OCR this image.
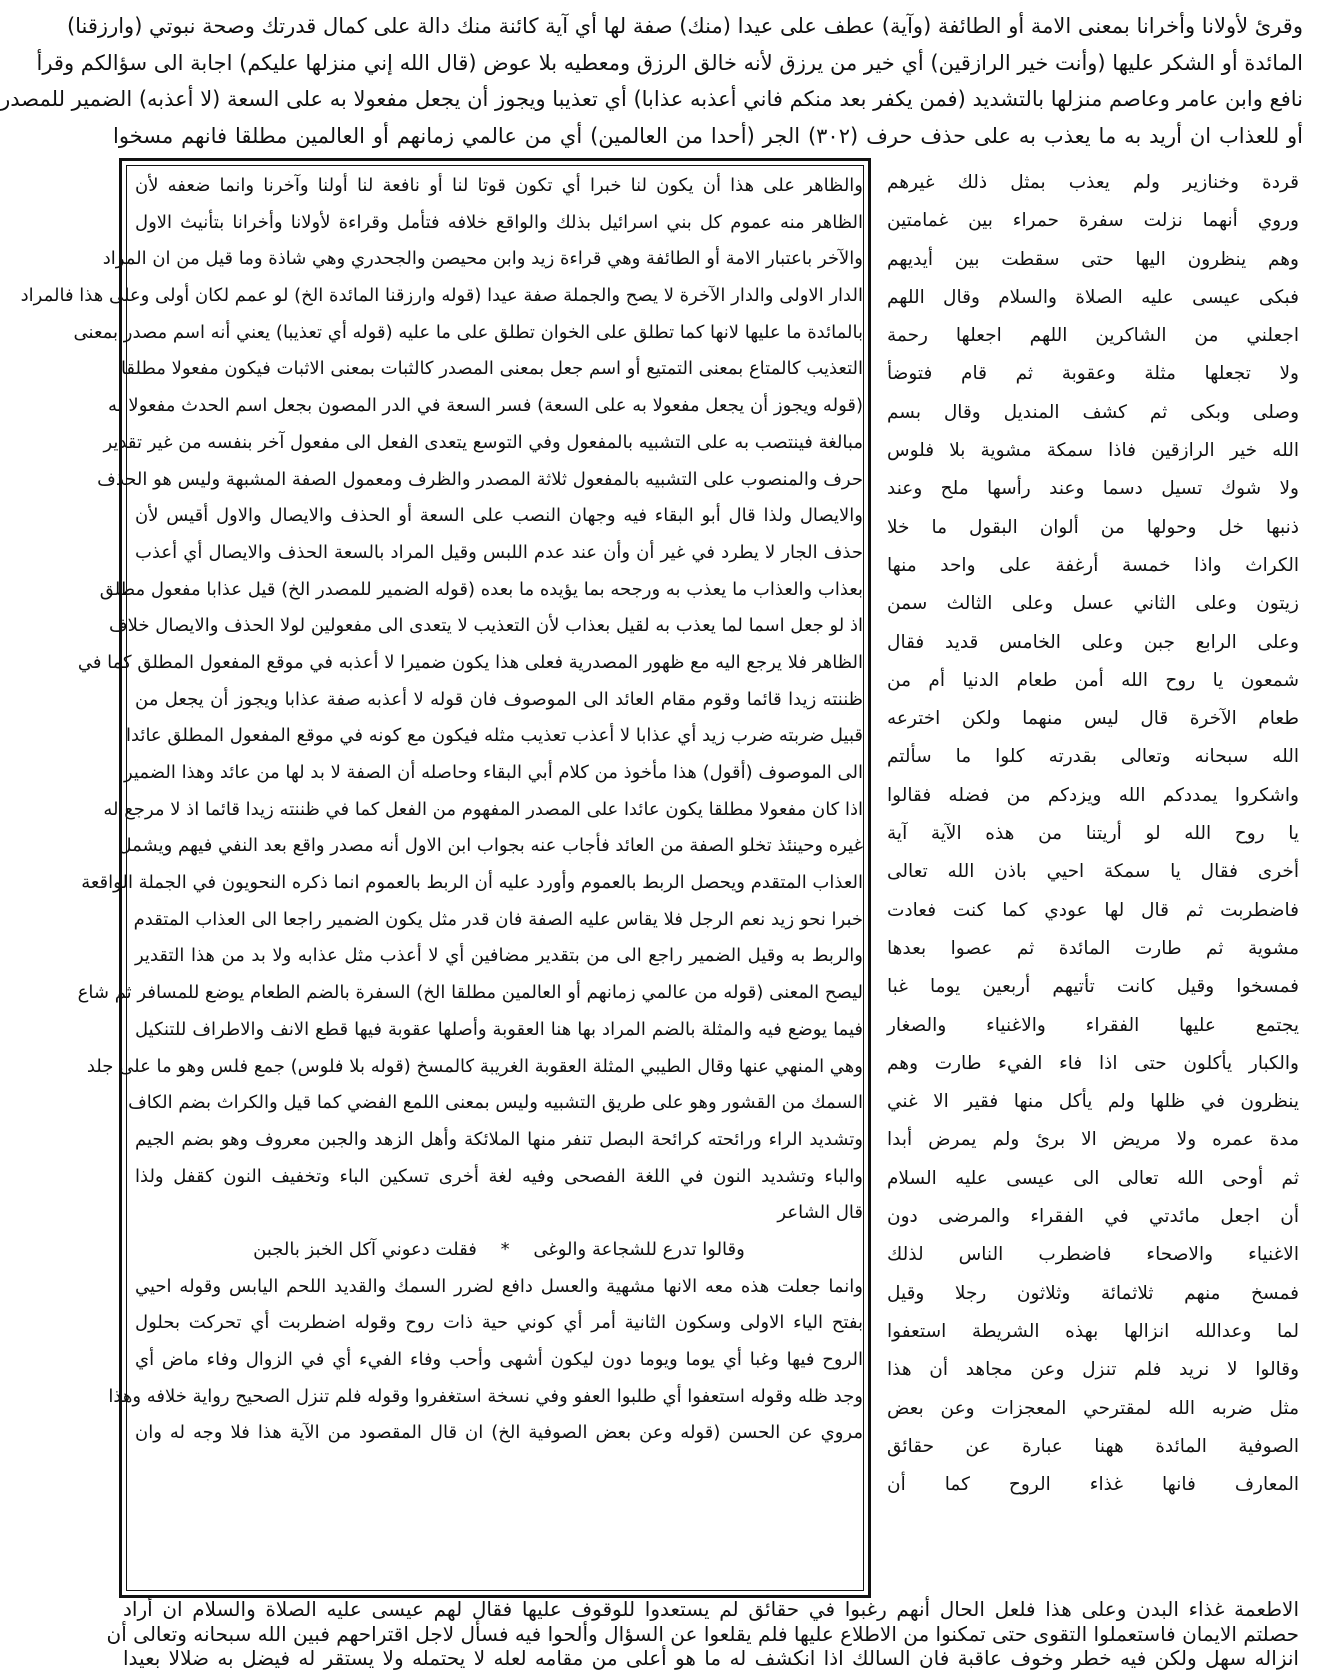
وقرئ لأولانا وأخرانا بمعنى الامة أو الطائفة (وآية) عطف على عيدا (منك) صفة لها أي آية كائنة منك دالة على كمال قدرتك وصحة نبوتي (وارزقنا)

المائدة أو الشكر عليها (وأنت خير الرازقين) أي خير من يرزق لأنه خالق الرزق ومعطيه بلا عوض (قال الله إني منزلها عليكم) اجابة الى سؤالكم وقرأ

نافع وابن عامر وعاصم منزلها بالتشديد (فمن يكفر بعد منكم فاني أعذبه عذابا) أي تعذيبا ويجوز أن يجعل مفعولا به على السعة (لا أعذبه) الضمير للمصدر

أو للعذاب ان أريد به ما يعذب به على حذف حرف (٣٠٢) الجر (أحدا من العالمين) أي من عالمي زمانهم أو العالمين مطلقا فانهم مسخوا

والظاهر على هذا أن يكون لنا خبرا أي تكون قوتا لنا أو نافعة لنا أولنا وآخرنا وانما ضعفه لأن

الظاهر منه عموم كل بني اسرائيل بذلك والواقع خلافه فتأمل وقراءة لأولانا وأخرانا بتأنيث الاول

والآخر باعتبار الامة أو الطائفة وهي قراءة زيد وابن محيصن والجحدري وهي شاذة وما قيل من ان المراد

الدار الاولى والدار الآخرة لا يصح والجملة صفة عيدا (قوله وارزقنا المائدة الخ) لو عمم لكان أولى وعلى هذا فالمراد

بالمائدة ما عليها لانها كما تطلق على الخوان تطلق على ما عليه (قوله أي تعذيبا) يعني أنه اسم مصدر بمعنى

التعذيب كالمتاع بمعنى التمتيع أو اسم جعل بمعنى المصدر كالثبات بمعنى الاثبات فيكون مفعولا مطلقا

(قوله ويجوز أن يجعل مفعولا به على السعة) فسر السعة في الدر المصون بجعل اسم الحدث مفعولا به

مبالغة فينتصب به على التشبيه بالمفعول وفي التوسع يتعدى الفعل الى مفعول آخر بنفسه من غير تقدير

حرف والمنصوب على التشبيه بالمفعول ثلاثة المصدر والظرف ومعمول الصفة المشبهة وليس هو الحذف

والايصال ولذا قال أبو البقاء فيه وجهان النصب على السعة أو الحذف والايصال والاول أقيس لأن

حذف الجار لا يطرد في غير أن وأن عند عدم اللبس وقيل المراد بالسعة الحذف والايصال أي أعذب

بعذاب والعذاب ما يعذب به ورجحه بما يؤيده ما بعده (قوله الضمير للمصدر الخ) قيل عذابا مفعول مطلق

اذ لو جعل اسما لما يعذب به لقيل بعذاب لأن التعذيب لا يتعدى الى مفعولين لولا الحذف والايصال خلاف

الظاهر فلا يرجع اليه مع ظهور المصدرية فعلى هذا يكون ضميرا لا أعذبه في موقع المفعول المطلق كما في

ظننته زيدا قائما وقوم مقام العائد الى الموصوف فان قوله لا أعذبه صفة عذابا ويجوز أن يجعل من

قبيل ضربته ضرب زيد أي عذابا لا أعذب تعذيب مثله فيكون مع كونه في موقع المفعول المطلق عائدا

الى الموصوف (أقول) هذا مأخوذ من كلام أبي البقاء وحاصله أن الصفة لا بد لها من عائد وهذا الضمير

اذا كان مفعولا مطلقا يكون عائدا على المصدر المفهوم من الفعل كما في ظننته زيدا قائما اذ لا مرجع له

غيره وحينئذ تخلو الصفة من العائد فأجاب عنه بجواب ابن الاول أنه مصدر واقع بعد النفي فيهم ويشمل

العذاب المتقدم ويحصل الربط بالعموم وأورد عليه أن الربط بالعموم انما ذكره النحويون في الجملة الواقعة

خبرا نحو زيد نعم الرجل فلا يقاس عليه الصفة فان قدر مثل يكون الضمير راجعا الى العذاب المتقدم

والربط به وقيل الضمير راجع الى من بتقدير مضافين أي لا أعذب مثل عذابه ولا بد من هذا التقدير

ليصح المعنى (قوله من عالمي زمانهم أو العالمين مطلقا الخ) السفرة بالضم الطعام يوضع للمسافر ثم شاع

فيما يوضع فيه والمثلة بالضم المراد بها هنا العقوبة وأصلها عقوبة فيها قطع الانف والاطراف للتنكيل

وهي المنهي عنها وقال الطيبي المثلة العقوبة الغريبة كالمسخ (قوله بلا فلوس) جمع فلس وهو ما على جلد

السمك من القشور وهو على طريق التشبيه وليس بمعنى اللمع الفضي كما قيل والكراث بضم الكاف

وتشديد الراء ورائحته كرائحة البصل تنفر منها الملائكة وأهل الزهد والجبن معروف وهو بضم الجيم

والباء وتشديد النون في اللغة الفصحى وفيه لغة أخرى تسكين الباء وتخفيف النون كقفل ولذا

قال الشاعر

وقالوا تدرع للشجاعة والوغى * فقلت دعوني آكل الخبز بالجبن

وانما جعلت هذه معه الانها مشهية والعسل دافع لضرر السمك والقديد اللحم اليابس وقوله احيي

بفتح الياء الاولى وسكون الثانية أمر أي كوني حية ذات روح وقوله اضطربت أي تحركت بحلول

الروح فيها وغبا أي يوما ويوما دون ليكون أشهى وأحب وفاء الفيء أي في الزوال وفاء ماض أي

وجد ظله وقوله استعفوا أي طلبوا العفو وفي نسخة استغفروا وقوله فلم تنزل الصحيح رواية خلافه وهذا

مروي عن الحسن (قوله وعن بعض الصوفية الخ) ان قال المقصود من الآية هذا فلا وجه له وان

قردة وخنازير ولم يعذب بمثل ذلك غيرهم

وروي أنهما نزلت سفرة حمراء بين غمامتين

وهم ينظرون اليها حتى سقطت بين أيديهم

فبكى عيسى عليه الصلاة والسلام وقال اللهم

اجعلني من الشاكرين اللهم اجعلها رحمة

ولا تجعلها مثلة وعقوبة ثم قام فتوضأ

وصلى وبكى ثم كشف المنديل وقال بسم

الله خير الرازقين فاذا سمكة مشوية بلا فلوس

ولا شوك تسيل دسما وعند رأسها ملح وعند

ذنبها خل وحولها من ألوان البقول ما خلا

الكراث واذا خمسة أرغفة على واحد منها

زيتون وعلى الثاني عسل وعلى الثالث سمن

وعلى الرابع جبن وعلى الخامس قديد فقال

شمعون يا روح الله أمن طعام الدنيا أم من

طعام الآخرة قال ليس منهما ولكن اخترعه

الله سبحانه وتعالى بقدرته كلوا ما سألتم

واشكروا يمددكم الله ويزدكم من فضله فقالوا

يا روح الله لو أريتنا من هذه الآية آية

أخرى فقال يا سمكة احيي باذن الله تعالى

فاضطربت ثم قال لها عودي كما كنت فعادت

مشوية ثم طارت المائدة ثم عصوا بعدها

فمسخوا وقيل كانت تأتيهم أربعين يوما غبا

يجتمع عليها الفقراء والاغنياء والصغار

والكبار يأكلون حتى اذا فاء الفيء طارت وهم

ينظرون في ظلها ولم يأكل منها فقير الا غني

مدة عمره ولا مريض الا برئ ولم يمرض أبدا

ثم أوحى الله تعالى الى عيسى عليه السلام

أن اجعل مائدتي في الفقراء والمرضى دون

الاغنياء والاصحاء فاضطرب الناس لذلك

فمسخ منهم ثلاثمائة وثلاثون رجلا وقيل

لما وعدالله انزالها بهذه الشريطة استعفوا

وقالوا لا نريد فلم تنزل وعن مجاهد أن هذا

مثل ضربه الله لمقترحي المعجزات وعن بعض

الصوفية المائدة ههنا عبارة عن حقائق

المعارف فانها غذاء الروح كما أن

الاطعمة غذاء البدن وعلى هذا فلعل الحال أنهم رغبوا في حقائق لم يستعدوا للوقوف عليها فقال لهم عيسى عليه الصلاة والسلام ان أراد

حصلتم الايمان فاستعملوا التقوى حتى تمكنوا من الاطلاع عليها فلم يقلعوا عن السؤال وألحوا فيه فسأل لاجل اقتراحهم فبين الله سبحانه وتعالى أن

انزاله سهل ولكن فيه خطر وخوف عاقبة فان السالك اذا انكشف له ما هو أعلى من مقامه لعله لا يحتمله ولا يستقر له فيضل به ضلالا بعيدا
